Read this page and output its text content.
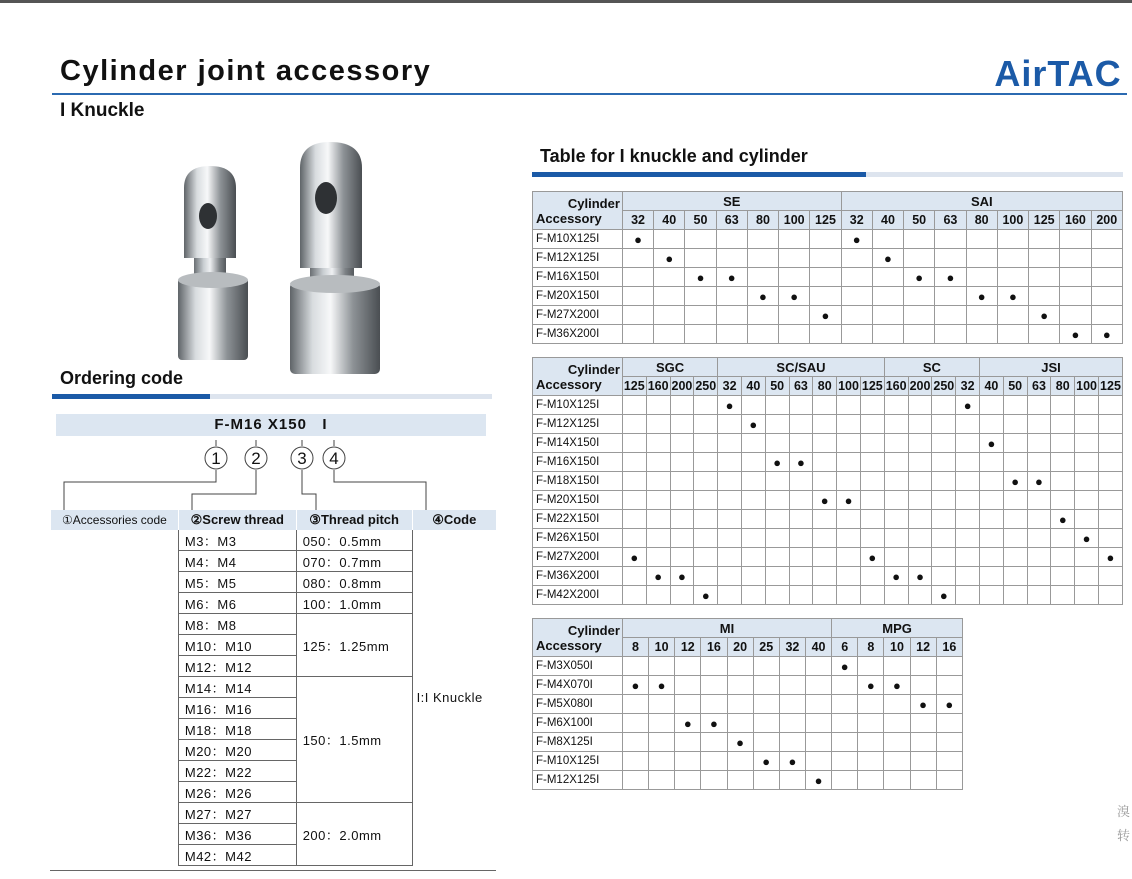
Cylinder joint accessory
I Knuckle
AirTAC
Ordering code
F-M16 X150   I
1 2 3 4
①Accessories code	②Screw thread	③Thread pitch	④Code
	M3：M3	050：0.5mm	I:I Knuckle
	M4：M4	070：0.7mm	
	M5：M5	080：0.8mm	
	M6：M6	100：1.0mm	
	M8：M8	125：1.25mm	
	M10：M10		
	M12：M12		
	M14：M14	150：1.5mm	
	M16：M16		
	M18：M18		
	M20：M20		
	M22：M22		
	M26：M26		
	M27：M27	200：2.0mm	
	M36：M36		
	M42：M42		
Table for I knuckle and cylinder
Cylinder
Accessory	SE							SAI								
	32	40	50	63	80	100	125	32	40	50	63	80	100	125	160	200
F-M10X125I	●							●								
F-M12X125I		●							●							
F-M16X150I			●	●						●	●					
F-M20X150I					●	●						●	●			
F-M27X200I							●							●		
F-M36X200I															●	●
Cylinder
Accessory	SGC				SC/SAU							SC				JSI					
	125	160	200	250	32	40	50	63	80	100	125	160	200	250	32	40	50	63	80	100	125
F-M10X125I					●										●						
F-M12X125I						●															
F-M14X150I																●					
F-M16X150I							●	●													
F-M18X150I																	●	●			
F-M20X150I									●	●											
F-M22X150I																			●		
F-M26X150I																				●	
F-M27X200I	●										●										●
F-M36X200I		●	●									●	●								
F-M42X200I				●										●							
Cylinder
Accessory	MI								MPG				
	8	10	12	16	20	25	32	40	6	8	10	12	16
F-M3X050I									●				
F-M4X070I	●	●								●	●		
F-M5X080I												●	●
F-M6X100I			●	●									
F-M8X125I					●								
F-M10X125I						●	●						
F-M12X125I								●					
溴转
